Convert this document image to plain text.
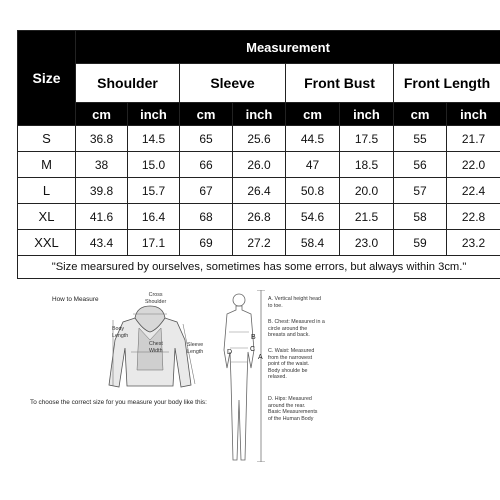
Size	Measurement							
	Shoulder		Sleeve		Front Bust		Front Length	
	cm	inch	cm	inch	cm	inch	cm	inch
S	36.8	14.5	65	25.6	44.5	17.5	55	21.7
M	38	15.0	66	26.0	47	18.5	56	22.0
L	39.8	15.7	67	26.4	50.8	20.0	57	22.4
XL	41.6	16.4	68	26.8	54.6	21.5	58	22.8
XXL	43.4	17.1	69	27.2	58.4	23.0	59	23.2
"Size mearsured by ourselves, sometimes has some errors, but always within 3cm."								
How to Measure
Cross
Shoulder
Body
Length
Chest
Width
Sleeve
Length
To choose the correct size for you measure your body like this:
B
C
D
A
A. Vertical height head
to toe.
B. Chest: Measured in a
circle around the
breasts and back.
C. Waist: Measured
from the narrowest
point of the waist.
Body shoulde be
relaxed.
D. Hips: Measured
around the rear.
Basic Measurements
of the Human Body
